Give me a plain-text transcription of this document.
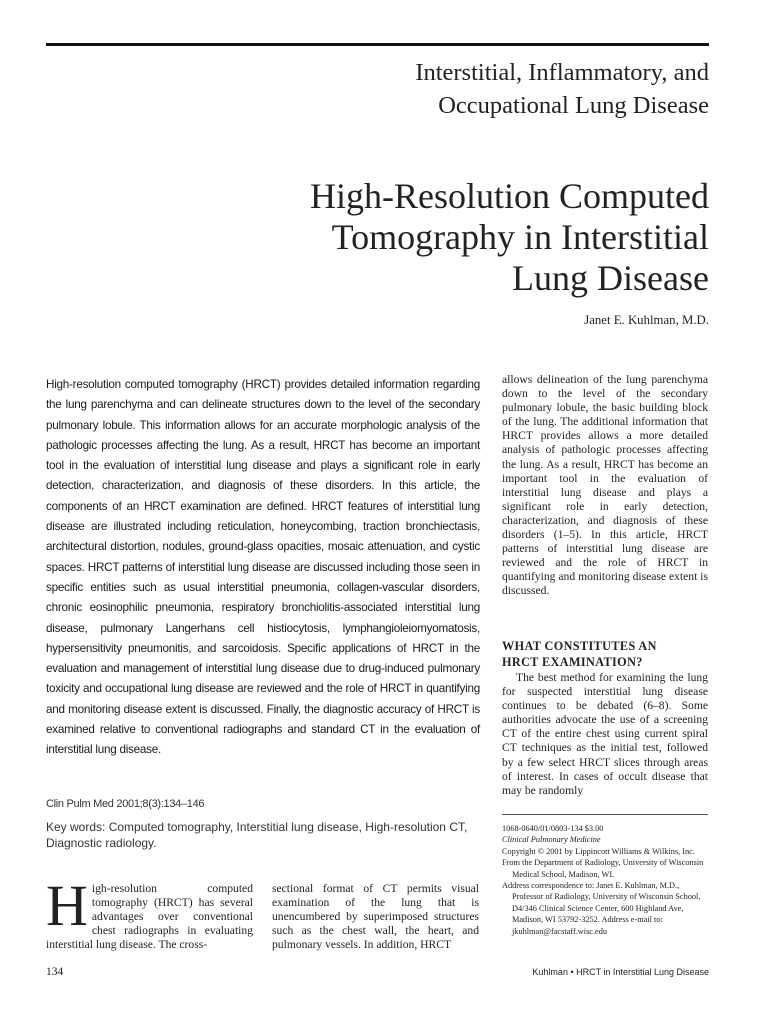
Interstitial, Inflammatory, and
Occupational Lung Disease
High-Resolution Computed
Tomography in Interstitial
Lung Disease
Janet E. Kuhlman, M.D.

High-resolution computed tomography (HRCT) provides detailed information regarding the lung parenchyma and can delineate structures down to the level of the secondary pulmonary lobule. This information allows for an accurate morphologic analysis of the pathologic processes affecting the lung. As a result, HRCT has become an important tool in the evaluation of interstitial lung disease and plays a significant role in early detection, characterization, and diagnosis of these disorders. In this article, the components of an HRCT examination are defined. HRCT features of interstitial lung disease are illustrated including reticulation, honeycombing, traction bronchiectasis, architectural distortion, nodules, ground-glass opacities, mosaic attenuation, and cystic spaces. HRCT patterns of interstitial lung disease are discussed including those seen in specific entities such as usual interstitial pneumonia, collagen-vascular disorders, chronic eosinophilic pneumonia, respiratory bronchiolitis-associated interstitial lung disease, pulmonary Langerhans cell histiocytosis, lymphangioleiomyomatosis, hypersensitivity pneumonitis, and sarcoidosis. Specific applications of HRCT in the evaluation and management of interstitial lung disease due to drug-induced pulmonary toxicity and occupational lung disease are reviewed and the role of HRCT in quantifying and monitoring disease extent is discussed. Finally, the diagnostic accuracy of HRCT is examined relative to conventional radiographs and standard CT in the evaluation of interstitial lung disease.

Clin Pulm Med 2001;8(3):134–146
Key words: Computed tomography, Interstitial lung disease, High-resolution CT, Diagnostic radiology.
High-resolution computed tomography (HRCT) has several advantages over conventional chest radiographs in evaluating interstitial lung disease. The cross-

sectional format of CT permits visual examination of the lung that is unencumbered by superimposed structures such as the chest wall, the heart, and pulmonary vessels. In addition, HRCT

allows delineation of the lung parenchyma down to the level of the secondary pulmonary lobule, the basic building block of the lung. The additional information that HRCT provides allows a more detailed analysis of pathologic processes affecting the lung. As a result, HRCT has become an important tool in the evaluation of interstitial lung disease and plays a significant role in early detection, characterization, and diagnosis of these disorders (1–5). In this article, HRCT patterns of interstitial lung disease are reviewed and the role of HRCT in quantifying and monitoring disease extent is discussed.

WHAT CONSTITUTES AN
HRCT EXAMINATION?

The best method for examining the lung for suspected interstitial lung disease continues to be debated (6–8). Some authorities advocate the use of a screening CT of the entire chest using current spiral CT techniques as the initial test, followed by a few select HRCT slices through areas of interest. In cases of occult disease that may be randomly

1068-0640/01/0803-134 $3.00

Clinical Pulmonary Medicine

Copyright © 2001 by Lippincott Williams & Wilkins, Inc.

From the Department of Radiology, University of Wisconsin Medical School, Madison, WI.

Address correspondence to: Janet E. Kuhlman, M.D., Professor of Radiology, University of Wisconsin School, D4/346 Clinical Science Center, 600 Highland Ave, Madison, WI 53792-3252. Address e-mail to: jkuhlman@facstaff.wisc.edu

134	Kuhlman • HRCT in Interstitial Lung Disease
